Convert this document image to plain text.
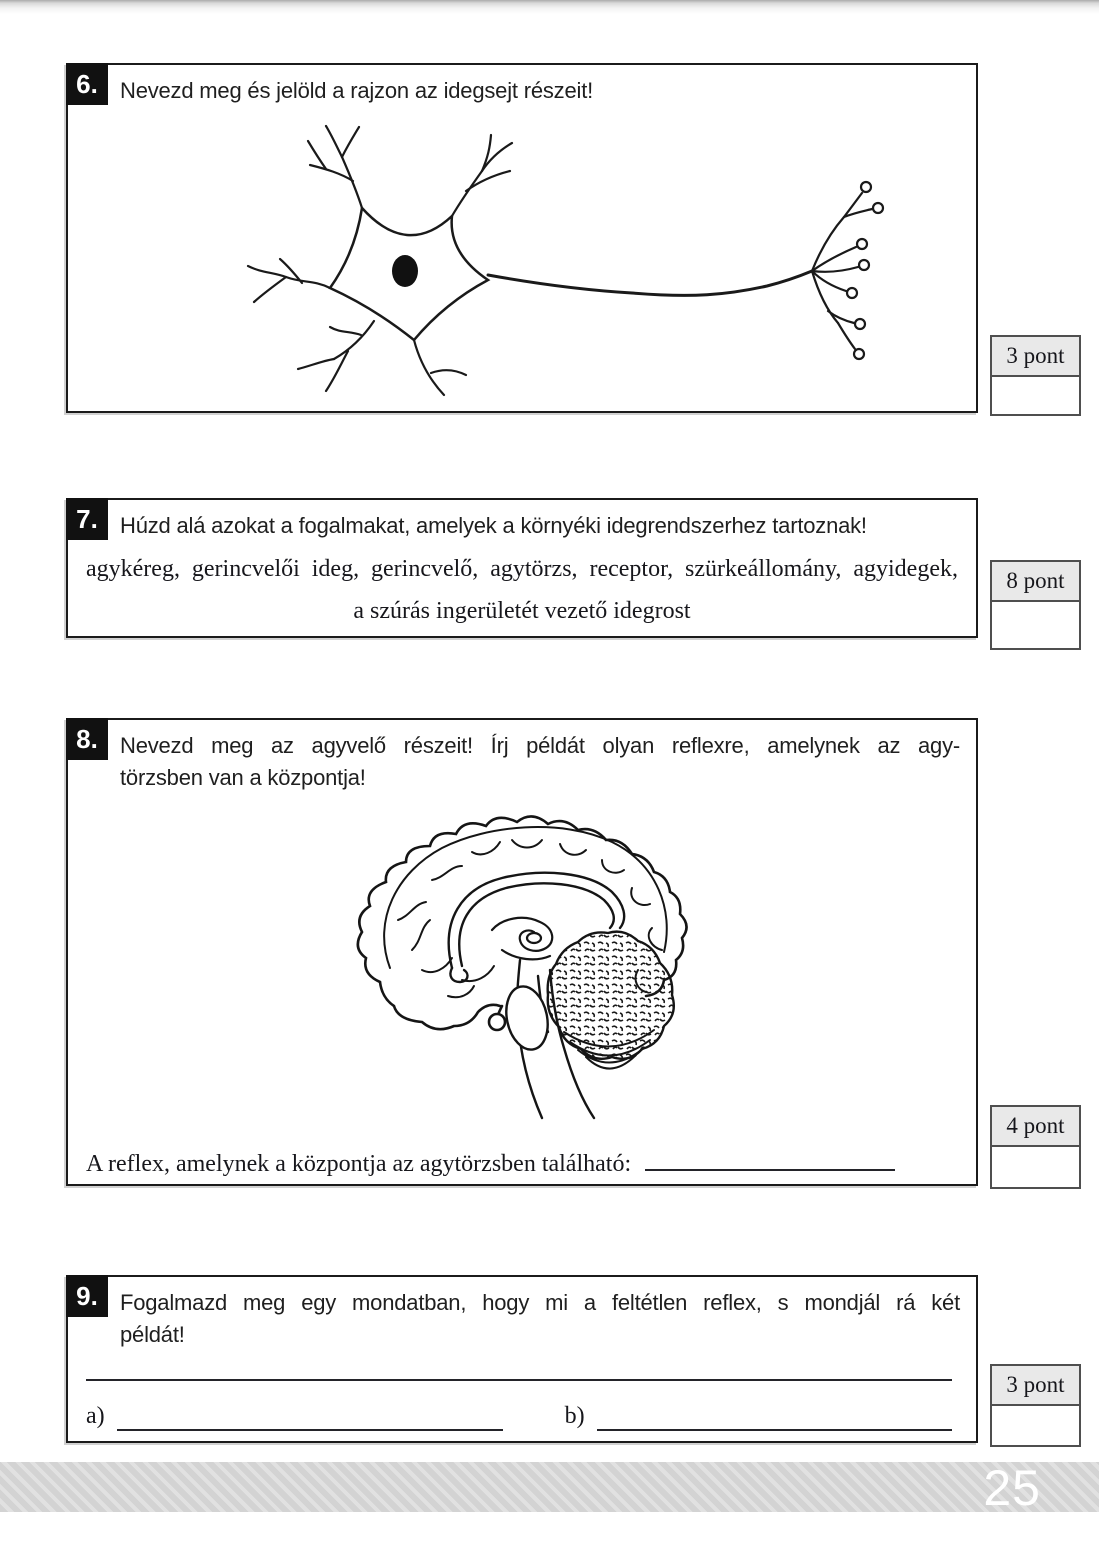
6.	Nevezd meg és jelöld a rajzon az idegsejt részeit!
3 pont
7.	Húzd alá azokat a fogalmakat, amelyek a környéki idegrendszerhez tartoznak!
agykéreg, gerincvelői ideg, gerincvelő, agytörzs, receptor, szürkeállomány, agyidegek,
a szúrás ingerületét vezető idegrost
8 pont
8.	Nevezd meg az agyvelő részeit! Írj példát olyan reflexre, amelynek az agy-
törzsben van a központja!
A reflex, amelynek a központja az agytörzsben található:
4 pont
9.	Fogalmazd meg egy mondatban, hogy mi a feltétlen reflex, s mondjál rá két
példát!
a)	b)
3 pont
25
